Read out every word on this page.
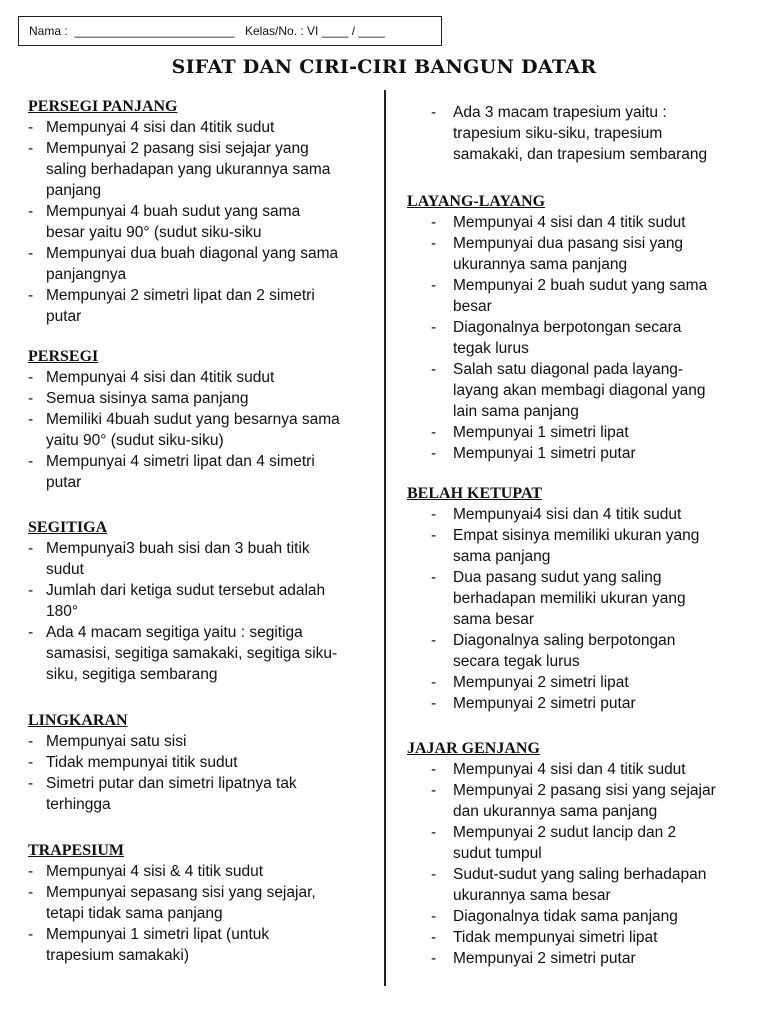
Nama :  ________________________ Kelas/No. : VI ____ / ____
SIFAT DAN CIRI-CIRI BANGUN DATAR
PERSEGI PANJANG
- Mempunyai 4 sisi dan 4titik sudut
- Mempunyai 2 pasang sisi sejajar yang
saling berhadapan yang ukurannya sama
panjang
- Mempunyai 4 buah sudut yang sama
besar yaitu 90° (sudut siku-siku
- Mempunyai dua buah diagonal yang sama
panjangnya
- Mempunyai 2 simetri lipat dan 2 simetri
putar
PERSEGI
- Mempunyai 4 sisi dan 4titik sudut
- Semua sisinya sama panjang
- Memiliki 4buah sudut yang besarnya sama
yaitu 90° (sudut siku-siku)
- Mempunyai 4 simetri lipat dan 4 simetri
putar
SEGITIGA
- Mempunyai3 buah sisi dan 3 buah titik
sudut
- Jumlah dari ketiga sudut tersebut adalah
180°
- Ada 4 macam segitiga yaitu : segitiga
samasisi, segitiga samakaki, segitiga siku-
siku, segitiga sembarang
LINGKARAN
- Mempunyai satu sisi
- Tidak mempunyai titik sudut
- Simetri putar dan simetri lipatnya tak
terhingga
TRAPESIUM
- Mempunyai 4 sisi & 4 titik sudut
- Mempunyai sepasang sisi yang sejajar,
tetapi tidak sama panjang
- Mempunyai 1 simetri lipat (untuk
trapesium samakaki)
- Ada 3 macam trapesium yaitu :
trapesium siku-siku, trapesium
samakaki, dan trapesium sembarang
LAYANG-LAYANG
- Mempunyai 4 sisi dan 4 titik sudut
- Mempunyai dua pasang sisi yang
ukurannya sama panjang
- Mempunyai 2 buah sudut yang sama
besar
- Diagonalnya berpotongan secara
tegak lurus
- Salah satu diagonal pada layang-
layang akan membagi diagonal yang
lain sama panjang
- Mempunyai 1 simetri lipat
- Mempunyai 1 simetri putar
BELAH KETUPAT
- Mempunyai4 sisi dan 4 titik sudut
- Empat sisinya memiliki ukuran yang
sama panjang
- Dua pasang sudut yang saling
berhadapan memiliki ukuran yang
sama besar
- Diagonalnya saling berpotongan
secara tegak lurus
- Mempunyai 2 simetri lipat
- Mempunyai 2 simetri putar
JAJAR GENJANG
- Mempunyai 4 sisi dan 4 titik sudut
- Mempunyai 2 pasang sisi yang sejajar
dan ukurannya sama panjang
- Mempunyai 2 sudut lancip dan 2
sudut tumpul
- Sudut-sudut yang saling berhadapan
ukurannya sama besar
- Diagonalnya tidak sama panjang
- Tidak mempunyai simetri lipat
- Mempunyai 2 simetri putar
